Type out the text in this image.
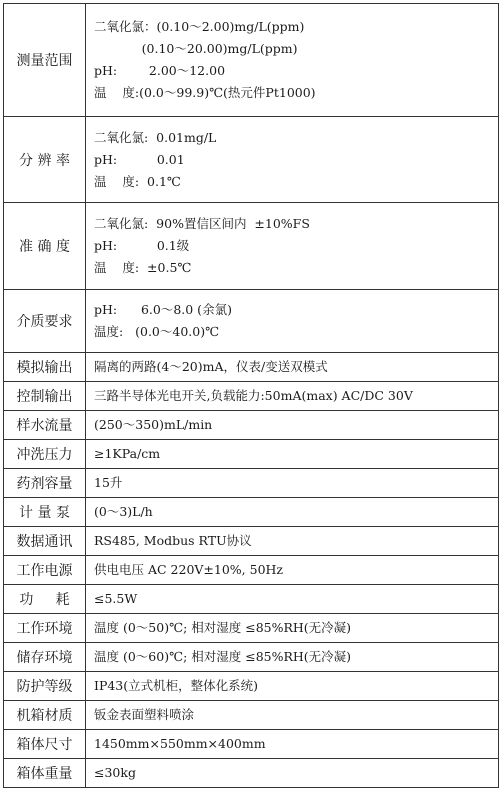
测量范围	二氧化氯：(0.10～2.00)mg/L(ppm)
(0.10～20.00)mg/L(ppm)
pH:        2.00～12.00
温    度:(0.0～99.9)℃(热元件Pt1000)

分 辨 率	二氧化氯:  0.01mg/L
pH:          0.01
温    度:  0.1℃

准 确 度	二氧化氯:  90%置信区间内  ±10%FS
pH:          0.1级
温    度:  ±0.5℃

介质要求	pH:      6.0～8.0 (余氯)
温度:   (0.0～40.0)℃

模拟输出	隔离的两路(4～20)mA，仪表/变送双模式
控制输出	三路半导体光电开关,负载能力:50mA(max) AC/DC 30V
样水流量	(250～350)mL/min
冲洗压力	≥1KPa/cm
药剂容量	15升
计 量 泵	(0～3)L/h
数据通讯	RS485, Modbus RTU协议
工作电源	供电电压 AC 220V±10%, 50Hz
功     耗	≤5.5W
工作环境	温度 (0～50)℃; 相对湿度 ≤85%RH(无冷凝)
储存环境	温度 (0～60)℃; 相对湿度 ≤85%RH(无冷凝)
防护等级	IP43(立式机柜，整体化系统)
机箱材质	钣金表面塑料喷涂
箱体尺寸	1450mm×550mm×400mm
箱体重量	≤30kg
